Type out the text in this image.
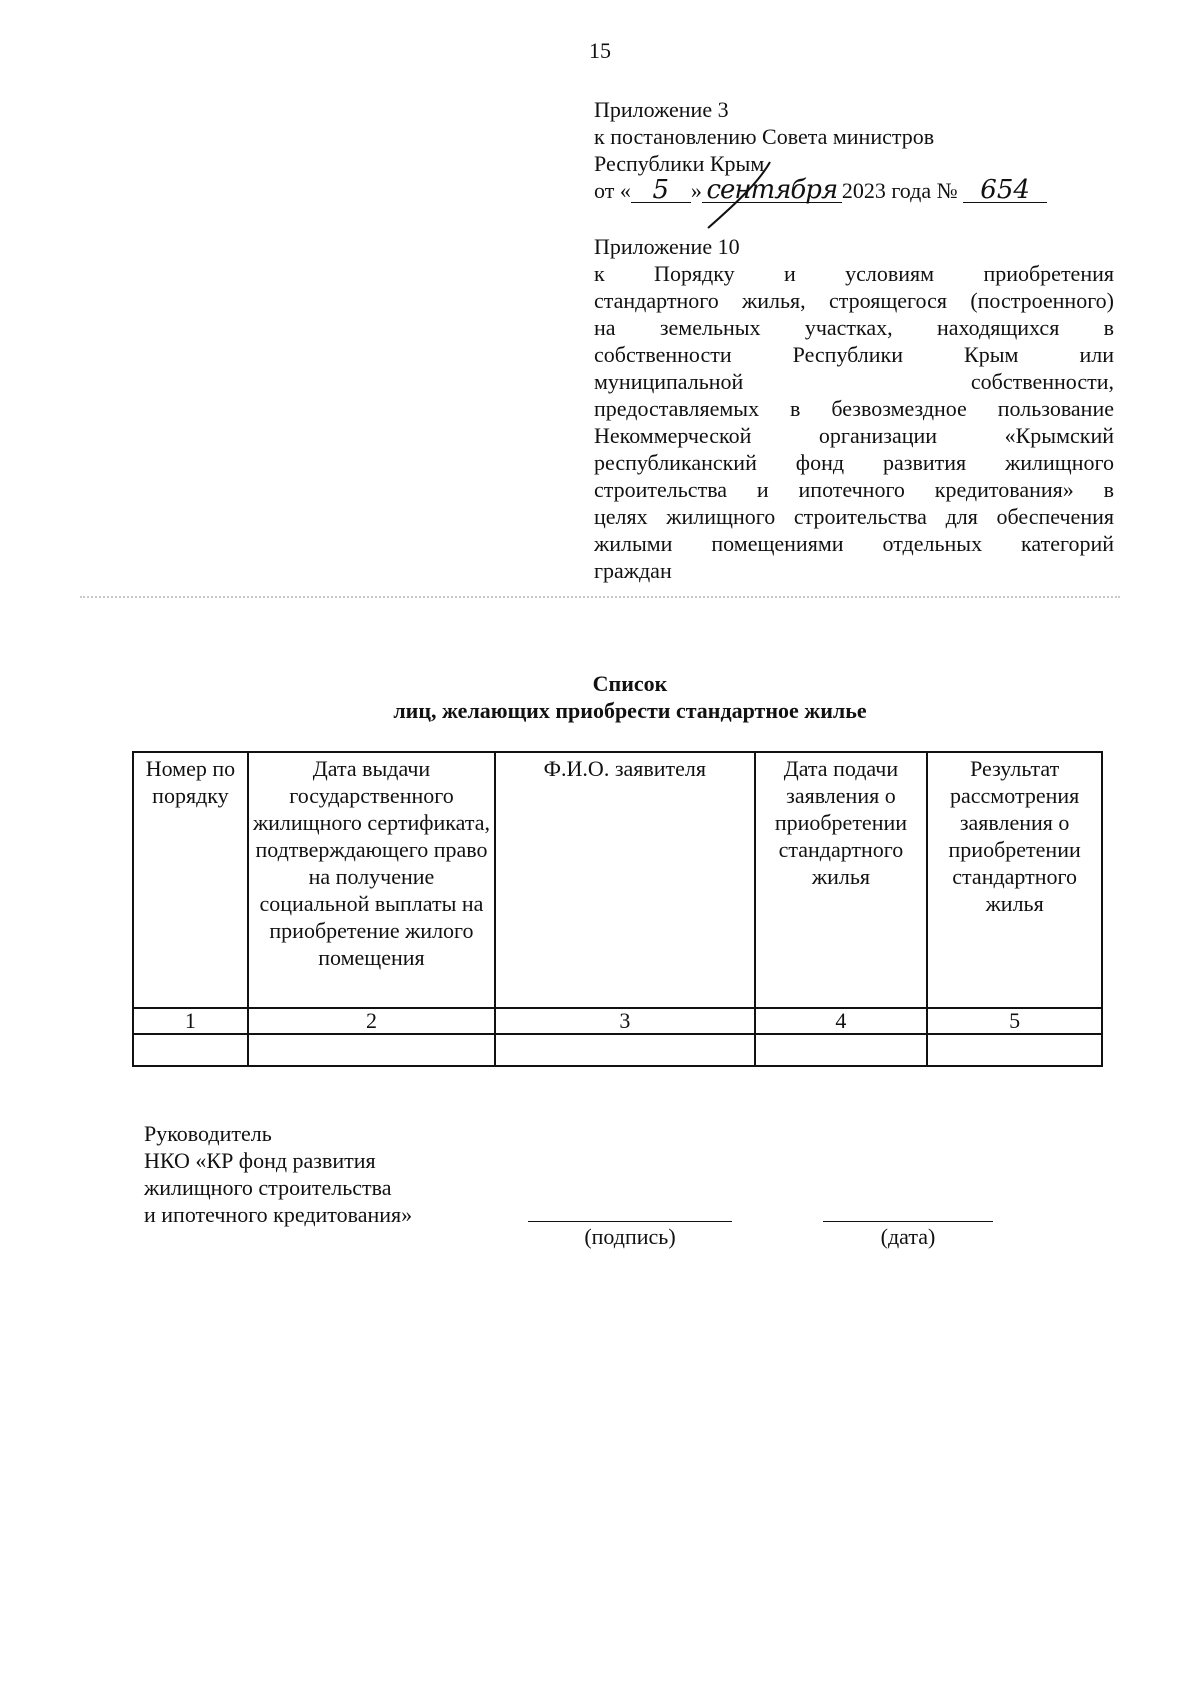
15
Приложение 3
к постановлению Совета министров
Республики Крым
от « 5 » сентября 2023 года № 654
Приложение 10
к Порядку и условиям приобретения
стандартного жилья, строящегося (построенного)
на земельных участках, находящихся в
собственности Республики Крым или
муниципальной собственности,
предоставляемых в безвозмездное пользование
Некоммерческой организации «Крымский
республиканский фонд развития жилищного
строительства и ипотечного кредитования» в
целях жилищного строительства для обеспечения
жилыми помещениями отдельных категорий
граждан
Список
лиц, желающих приобрести стандартное жилье
Номер по порядку	Дата выдачи государственного жилищного сертификата, подтверждающего право на получение социальной выплаты на приобретение жилого помещения	Ф.И.О. заявителя	Дата подачи заявления о приобретении стандартного жилья	Результат рассмотрения заявления о приобретении стандартного жилья
1	2	3	4	5

Руководитель
НКО «КР фонд развития
жилищного строительства
и ипотечного кредитования»
(подпись)	(дата)
